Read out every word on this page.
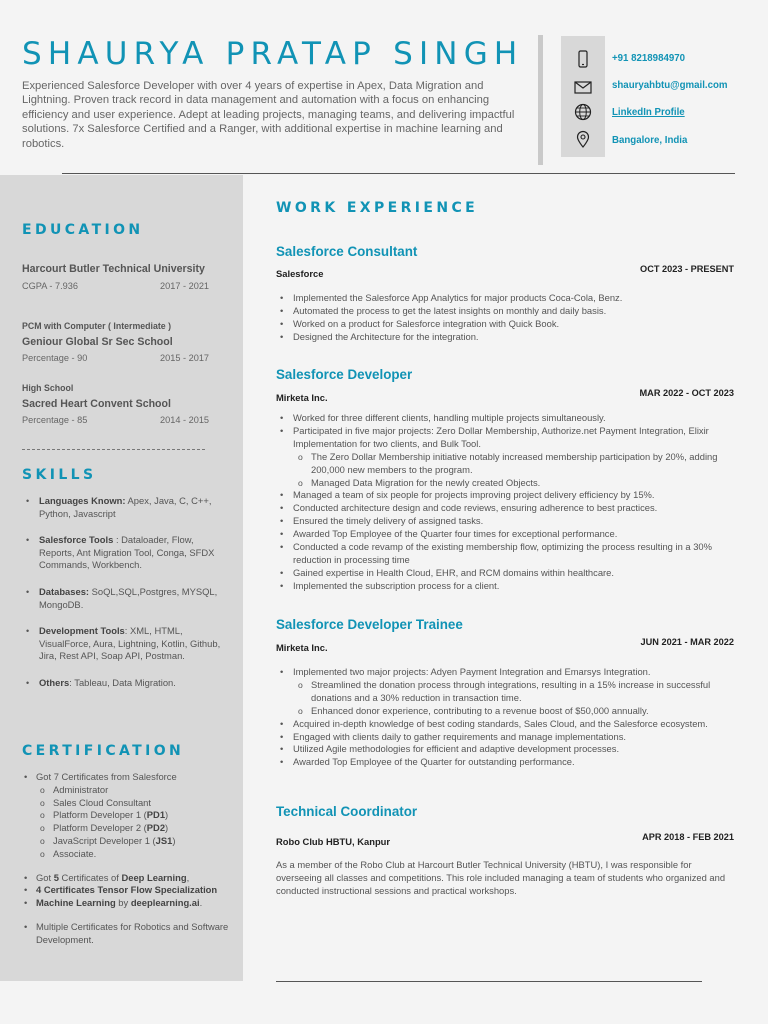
SHAURYA PRATAP SINGH

Experienced Salesforce Developer with over 4 years of expertise in Apex, Data Migration and Lightning. Proven track record in data management and automation with a focus on enhancing efficiency and user experience. Adept at leading projects, managing teams, and delivering impactful solutions. 7x Salesforce Certified and a Ranger, with additional expertise in machine learning and robotics.

+91 8218984970
shauryahbtu@gmail.com
LinkedIn Profile
Bangalore, India
EDUCATION
Harcourt Butler Technical University
CGPA - 7.936	2017 - 2021
PCM with Computer ( Intermediate )
Geniour Global Sr Sec School
Percentage - 90	2015 - 2017
High School
Sacred Heart Convent School
Percentage - 85	2014 - 2015
SKILLS
• Languages Known: Apex, Java, C, C++, Python, Javascript
• Salesforce Tools : Dataloader, Flow, Reports, Ant Migration Tool, Conga, SFDX Commands, Workbench.
• Databases: SoQL,SQL,Postgres, MYSQL, MongoDB.
• Development Tools: XML, HTML, VisualForce, Aura, Lightning, Kotlin, Github, Jira, Rest API, Soap API, Postman.
• Others: Tableau, Data Migration.
CERTIFICATION
• Got 7 Certificates from Salesforce
o Administrator
o Sales Cloud Consultant
o Platform Developer 1 (PD1)
o Platform Developer 2 (PD2)
o JavaScript Developer 1 (JS1)
o Associate.
• Got 5 Certificates of Deep Learning,
• 4 Certificates Tensor Flow Specialization
• Machine Learning by deeplearning.ai.
• Multiple Certificates for Robotics and Software Development.
WORK EXPERIENCE
Salesforce Consultant
Salesforce	OCT 2023 - PRESENT
• Implemented the Salesforce App Analytics for major products Coca-Cola, Benz.
• Automated the process to get the latest insights on monthly and daily basis.
• Worked on a product for Salesforce integration with Quick Book.
• Designed the Architecture for the integration.
Salesforce Developer
Mirketa Inc.	MAR 2022 - OCT 2023
• Worked for three different clients, handling multiple projects simultaneously.
• Participated in five major projects: Zero Dollar Membership, Authorize.net Payment Integration, Elixir Implementation for two clients, and Bulk Tool.
o The Zero Dollar Membership initiative notably increased membership participation by 20%, adding 200,000 new members to the program.
o Managed Data Migration for the newly created Objects.
• Managed a team of six people for projects improving project delivery efficiency by 15%.
• Conducted architecture design and code reviews, ensuring adherence to best practices.
• Ensured the timely delivery of assigned tasks.
• Awarded Top Employee of the Quarter four times for exceptional performance.
• Conducted a code revamp of the existing membership flow, optimizing the process resulting in a 30% reduction in processing time
• Gained expertise in Health Cloud, EHR, and RCM domains within healthcare.
• Implemented the subscription process for a client.
Salesforce Developer Trainee
Mirketa Inc.	JUN 2021 - MAR 2022
• Implemented two major projects: Adyen Payment Integration and Emarsys Integration.
o Streamlined the donation process through integrations, resulting in a 15% increase in successful donations and a 30% reduction in transaction time.
o Enhanced donor experience, contributing to a revenue boost of $50,000 annually.
• Acquired in-depth knowledge of best coding standards, Sales Cloud, and the Salesforce ecosystem.
• Engaged with clients daily to gather requirements and manage implementations.
• Utilized Agile methodologies for efficient and adaptive development processes.
• Awarded Top Employee of the Quarter for outstanding performance.
Technical Coordinator
Robo Club HBTU, Kanpur	APR 2018 - FEB 2021

As a member of the Robo Club at Harcourt Butler Technical University (HBTU), I was responsible for overseeing all classes and competitions. This role included managing a team of students who organized and conducted instructional sessions and practical workshops.
